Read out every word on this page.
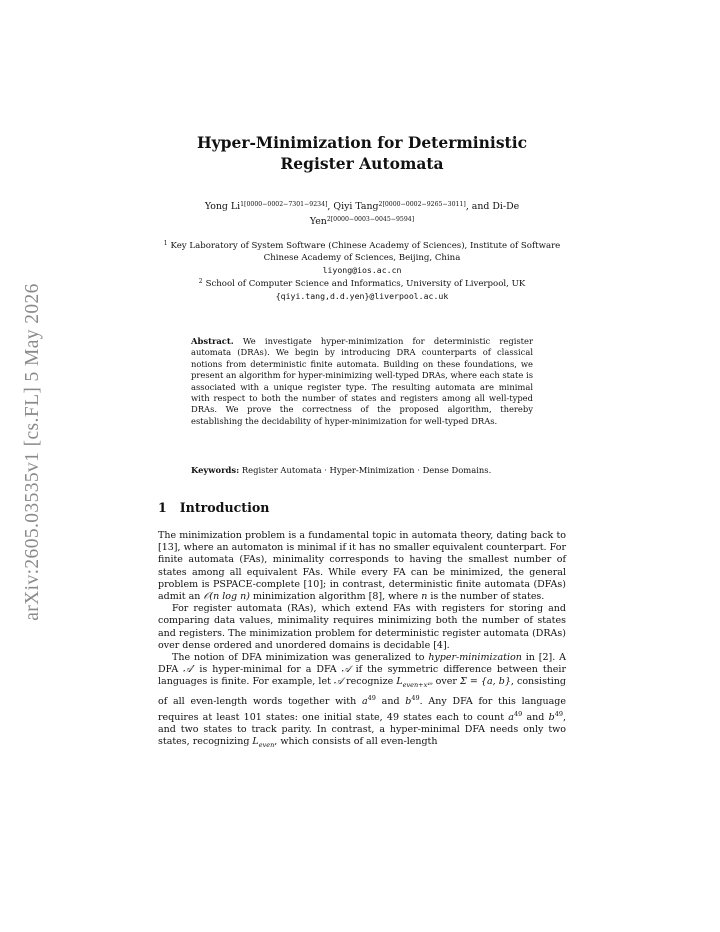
arXiv:2605.03535v1 [cs.FL] 5 May 2026
Hyper-Minimization for Deterministic Register Automata
Yong $Li^{1[0000-0002-7301-9234]}$, Qiyi Tang$^{2[0000-0002-9265-3011]}$, and Di-De Yen$^{2[0000-0003-0045-9594]}$
$^1$ Key Laboratory of System Software (Chinese Academy of Sciences), Institute of Software Chinese Academy of Sciences, Beijing, China
liyong@ios.ac.cn
$^2$ School of Computer Science and Informatics, University of Liverpool, UK
{qiyi.tang,d.d.yen}@liverpool.ac.uk
Abstract. We investigate hyper-minimization for deterministic register automata (DRAs). We begin by introducing DRA counterparts of classical notions from deterministic finite automata. Building on these foundations, we present an algorithm for hyper-minimizing well-typed DRAs, where each state is associated with a unique register type. The resulting automata are minimal with respect to both the number of states and registers among all well-typed DRAs. We prove the correctness of the proposed algorithm, thereby establishing the decidability of hyper-minimization for well-typed DRAs.
Keywords: Register Automata · Hyper-Minimization · Dense Domains.
1 Introduction

The minimization problem is a fundamental topic in automata theory, dating back to [13], where an automaton is minimal if it has no smaller equivalent counterpart. For finite automata (FAs), minimality corresponds to having the smallest number of states among all equivalent FAs. While every FA can be minimized, the general problem is PSPACE-complete [10]; in contrast, deterministic finite automata (DFAs) admit an 𝒪(n log n) minimization algorithm [8], where n is the number of states.

For register automata (RAs), which extend FAs with registers for storing and comparing data values, minimality requires minimizing both the number of states and registers. The minimization problem for deterministic register automata (DRAs) over dense ordered and unordered domains is decidable [4].

The notion of DFA minimization was generalized to hyper-minimization in [2]. A DFA 𝒜′ is hyper-minimal for a DFA 𝒜 if the symmetric difference between their languages is finite. For example, let 𝒜 recognize $L_{even+x^{49}}$ over Σ = {a, b}, consisting of all even-length words together with $a^{49}$ and $b^{49}$. Any DFA for this language requires at least 101 states: one initial state, 49 states each to count $a^{49}$ and $b^{49}$, and two states to track parity. In contrast, a hyper-minimal DFA needs only two states, recognizing $L_{even}$, which consists of all even-length
